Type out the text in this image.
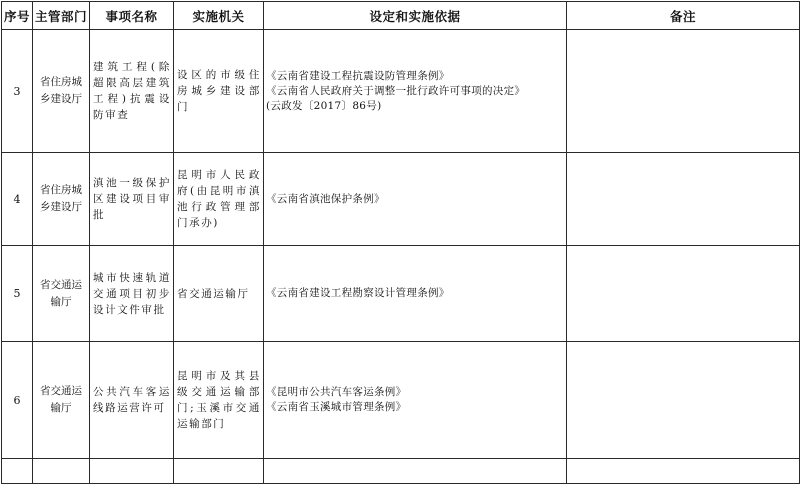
序号	主管部门	事项名称	实施机关	设定和实施依据	备注
3	省住房城乡建设厅	建筑工程(除超限高层建筑工程)抗震设防审查	设区的市级住房城乡建设部门	《云南省建设工程抗震设防管理条例》
《云南省人民政府关于调整一批行政许可事项的决定》
(云政发〔2017〕86号)	

4	省住房城乡建设厅	滇池一级保护区建设项目审批	昆明市人民政府(由昆明市滇池行政管理部门承办)	《云南省滇池保护条例》	

5	省交通运输厅	城市快速轨道交通项目初步设计文件审批	省交通运输厅	《云南省建设工程勘察设计管理条例》	

6	省交通运输厅	公共汽车客运线路运营许可	昆明市及其县级交通运输部门;玉溪市交通运输部门	《昆明市公共汽车客运条例》
《云南省玉溪城市管理条例》	
